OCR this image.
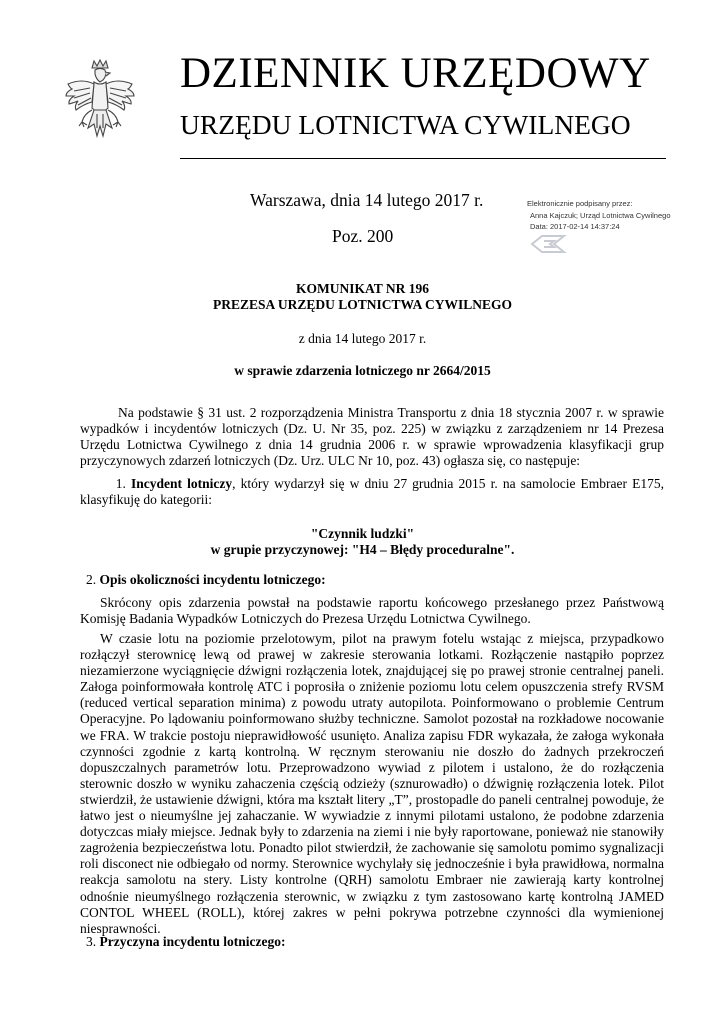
DZIENNIK URZĘDOWY
URZĘDU LOTNICTWA CYWILNEGO
Warszawa, dnia 14 lutego 2017 r.
Poz. 200
Elektronicznie podpisany przez:
Anna Kajczuk; Urząd Lotnictwa Cywilnego
Data: 2017-02-14 14:37:24
KOMUNIKAT NR 196
PREZESA URZĘDU LOTNICTWA CYWILNEGO
z dnia 14 lutego 2017 r.
w sprawie zdarzenia lotniczego nr 2664/2015
Na podstawie § 31 ust. 2 rozporządzenia Ministra Transportu z dnia 18 stycznia 2007 r. w sprawie wypadków i incydentów lotniczych (Dz. U. Nr 35, poz. 225) w związku z zarządzeniem nr 14 Prezesa Urzędu Lotnictwa Cywilnego z dnia 14 grudnia 2006 r. w sprawie wprowadzenia klasyfikacji grup przyczynowych zdarzeń lotniczych (Dz. Urz. ULC Nr 10, poz. 43) ogłasza się, co następuje:
1. Incydent lotniczy, który wydarzył się w dniu 27 grudnia 2015 r. na samolocie Embraer E175, klasyfikuję do kategorii:
"Czynnik ludzki"
w grupie przyczynowej: "H4 – Błędy proceduralne".
2. Opis okoliczności incydentu lotniczego:
Skrócony opis zdarzenia powstał na podstawie raportu końcowego przesłanego przez Państwową Komisję Badania Wypadków Lotniczych do Prezesa Urzędu Lotnictwa Cywilnego.
W czasie lotu na poziomie przelotowym, pilot na prawym fotelu wstając z miejsca, przypadkowo rozłączył sterownicę lewą od prawej w zakresie sterowania lotkami. Rozłączenie nastąpiło poprzez niezamierzone wyciągnięcie dźwigni rozłączenia lotek, znajdującej się po prawej stronie centralnej paneli. Załoga poinformowała kontrolę ATC i poprosiła o zniżenie poziomu lotu celem opuszczenia strefy RVSM (reduced vertical separation minima) z powodu utraty autopilota. Poinformowano o problemie Centrum Operacyjne. Po lądowaniu poinformowano służby techniczne. Samolot pozostał na rozkładowe nocowanie we FRA. W trakcie postoju nieprawidłowość usunięto. Analiza zapisu FDR wykazała, że załoga wykonała czynności zgodnie z kartą kontrolną. W ręcznym sterowaniu nie doszło do żadnych przekroczeń dopuszczalnych parametrów lotu. Przeprowadzono wywiad z pilotem i ustalono, że do rozłączenia sterownic doszło w wyniku zahaczenia częścią odzieży (sznurowadło) o dźwignię rozłączenia lotek. Pilot stwierdził, że ustawienie dźwigni, która ma kształt litery „T”, prostopadle do paneli centralnej powoduje, że łatwo jest o nieumyślne jej zahaczanie. W wywiadzie z innymi pilotami ustalono, że podobne zdarzenia dotyczcas miały miejsce. Jednak były to zdarzenia na ziemi i nie były raportowane, ponieważ nie stanowiły zagrożenia bezpieczeństwa lotu. Ponadto pilot stwierdził, że zachowanie się samolotu pomimo sygnalizacji roli disconect nie odbiegało od normy. Sterownice wychylały się jednocześnie i była prawidłowa, normalna reakcja samolotu na stery. Listy kontrolne (QRH) samolotu Embraer nie zawierają karty kontrolnej odnośnie nieumyślnego rozłączenia sterownic, w związku z tym zastosowano kartę kontrolną JAMED CONTOL WHEEL (ROLL), której zakres w pełni pokrywa potrzebne czynności dla wymienionej niesprawności.
3. Przyczyna incydentu lotniczego:
